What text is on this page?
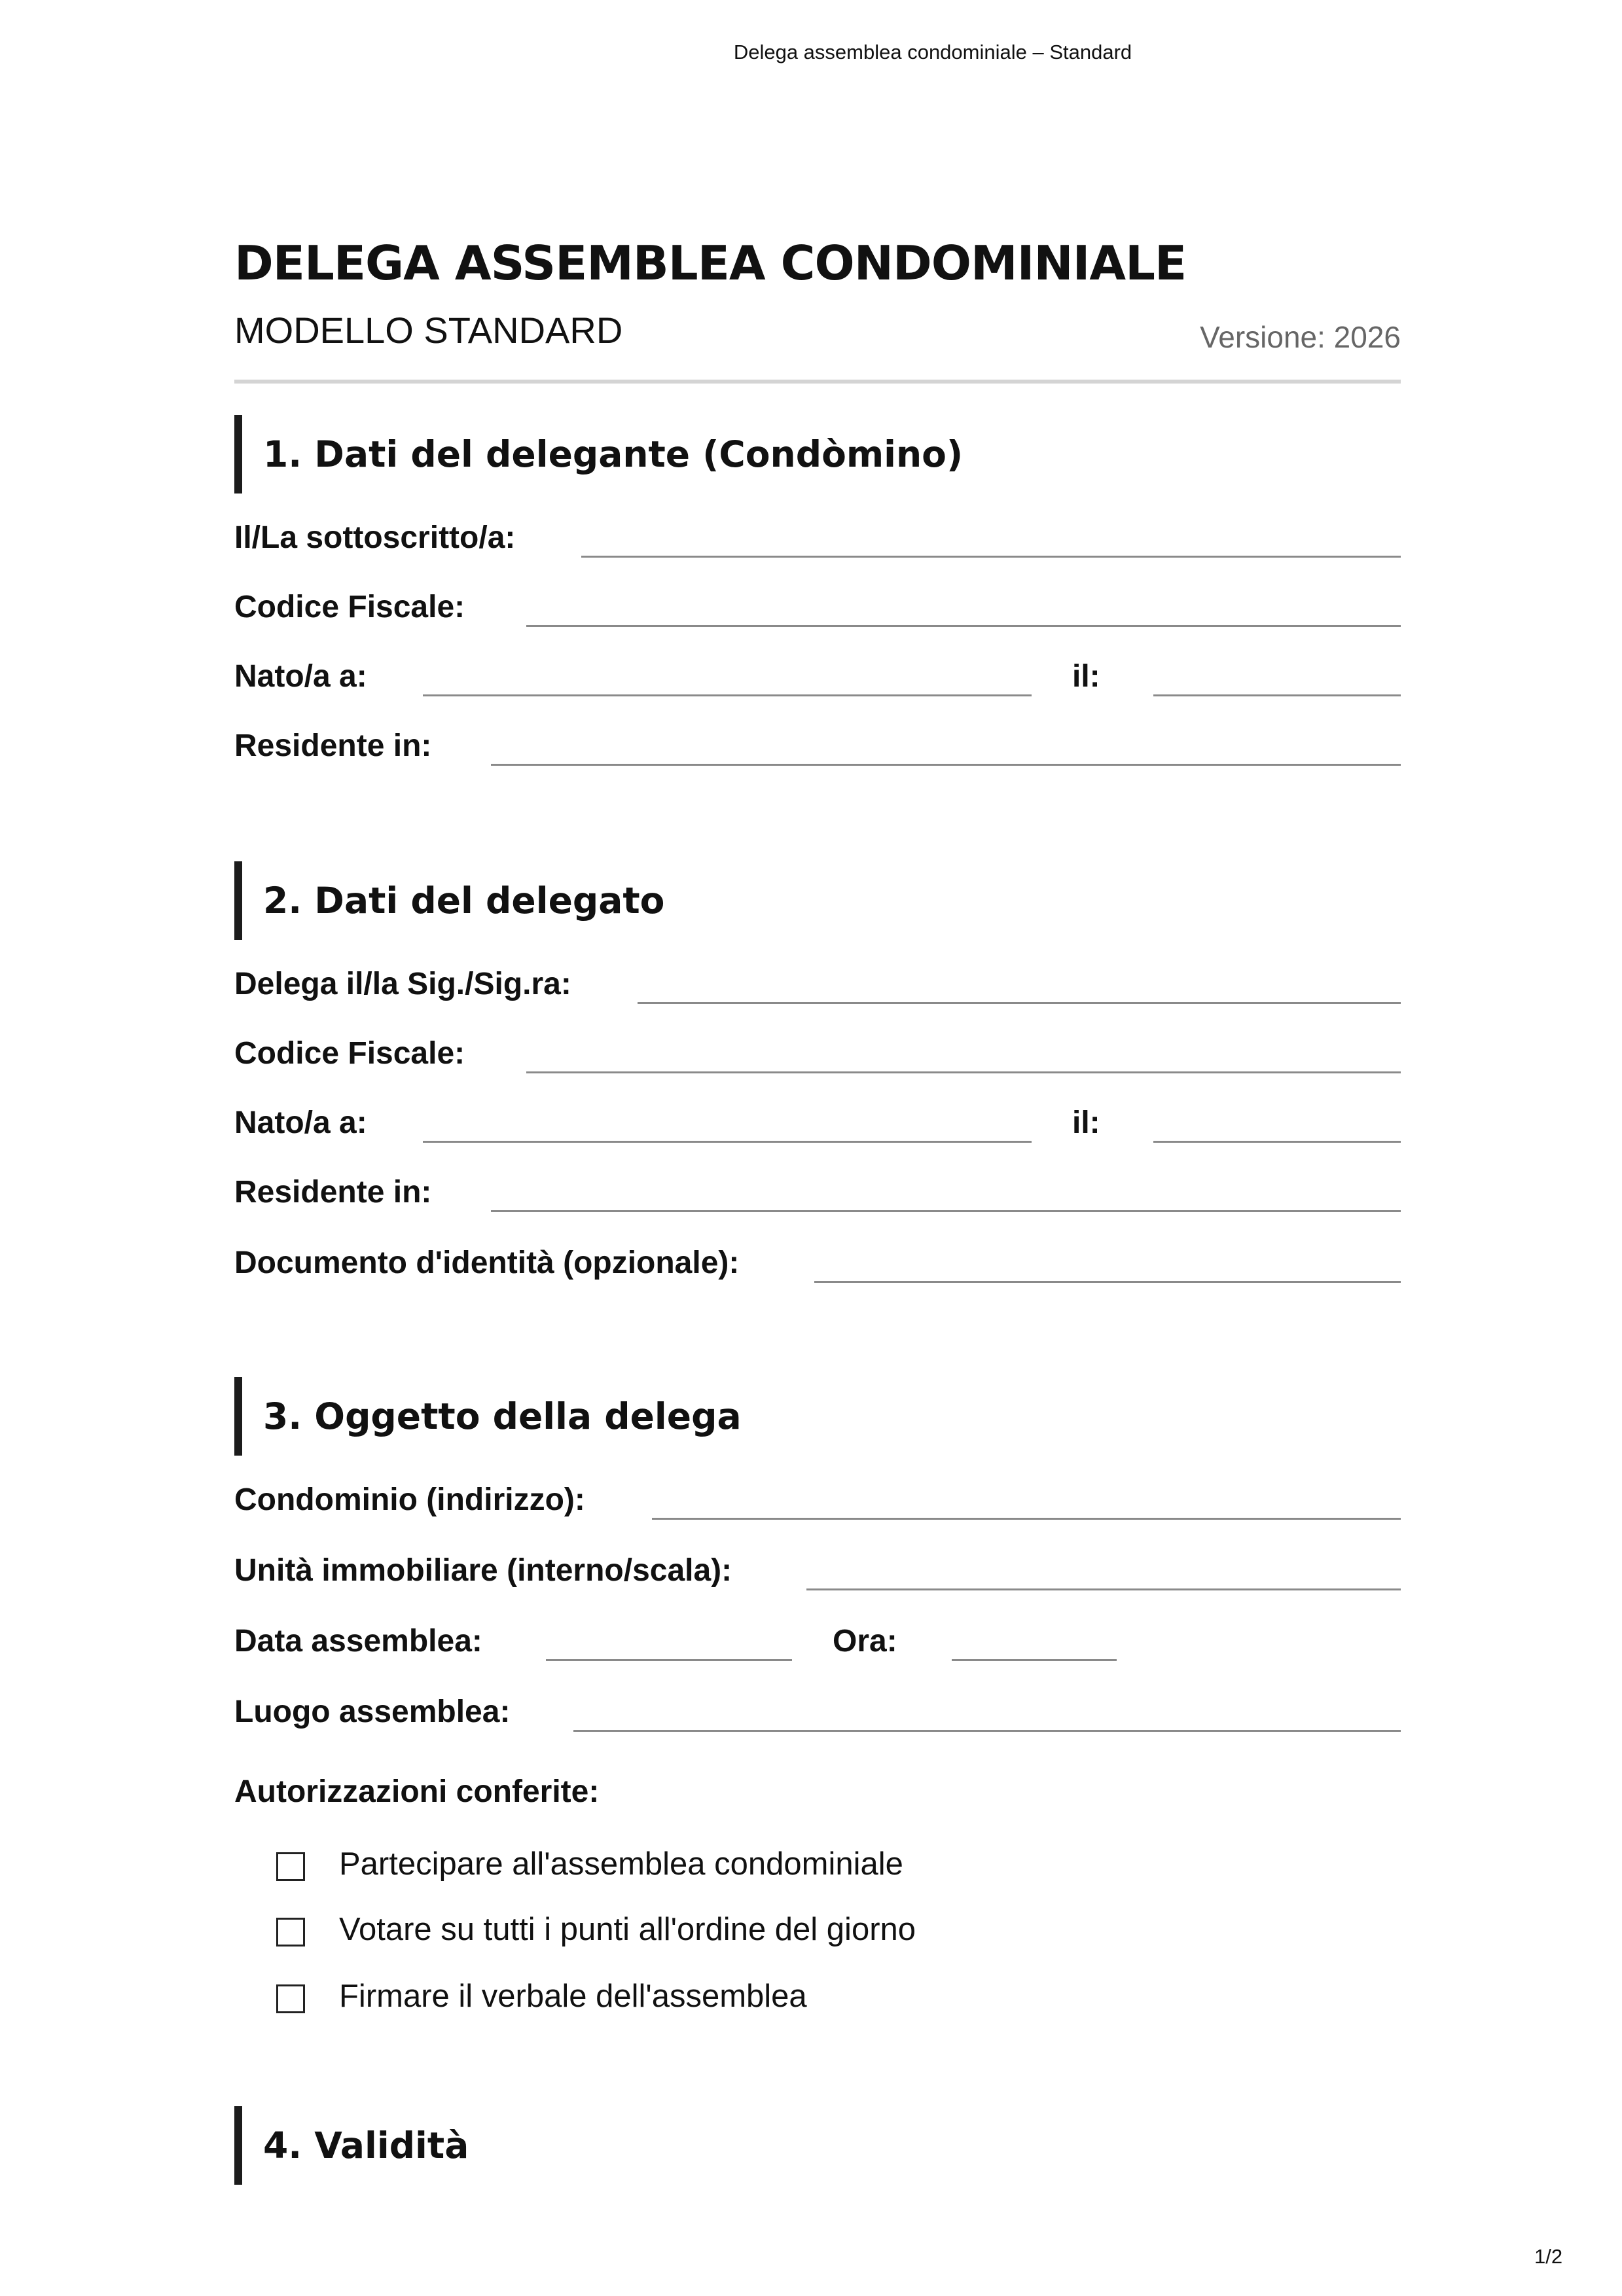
Delega assemblea condominiale – Standard
DELEGA ASSEMBLEA CONDOMINIALE
MODELLO STANDARD	Versione: 2026
1. Dati del delegante (Condòmino)
Il/La sottoscritto/a:
Codice Fiscale:
Nato/a a:	il:
Residente in:
2. Dati del delegato
Delega il/la Sig./Sig.ra:
Codice Fiscale:
Nato/a a:	il:
Residente in:
Documento d'identità (opzionale):
3. Oggetto della delega
Condominio (indirizzo):
Unità immobiliare (interno/scala):
Data assemblea:	Ora:
Luogo assemblea:
Autorizzazioni conferite:
Partecipare all'assemblea condominiale
Votare su tutti i punti all'ordine del giorno
Firmare il verbale dell'assemblea
4. Validità
1/2
